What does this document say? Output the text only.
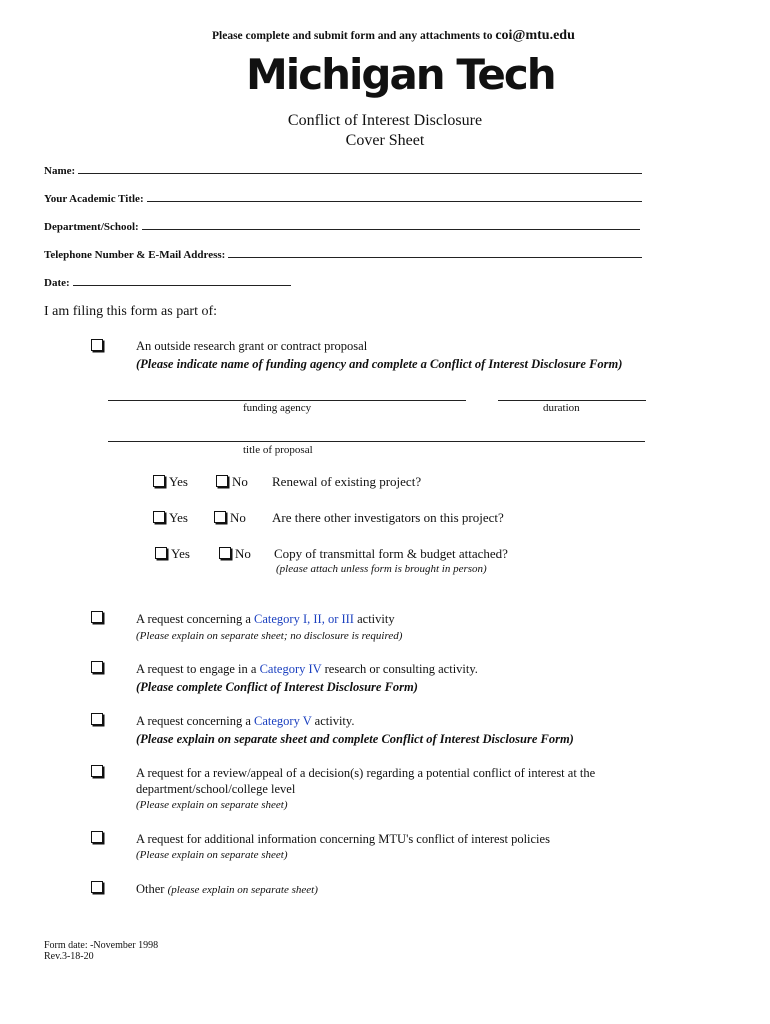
Please complete and submit form and any attachments to coi@mtu.edu
Michigan Tech
Conflict of Interest Disclosure
Cover Sheet
Name:
Your Academic Title:
Department/School:
Telephone Number & E-Mail Address:
Date:
I am filing this form as part of:
An outside research grant or contract proposal
(Please indicate name of funding agency and complete a Conflict of Interest Disclosure Form)
funding agency	duration
title of proposal
Yes	No Renewal of existing project?
Yes	No Are there other investigators on this project?
Yes	No Copy of transmittal form & budget attached?
(please attach unless form is brought in person)
A request concerning a Category I, II, or III activity
(Please explain on separate sheet; no disclosure is required)
A request to engage in a Category IV research or consulting activity.
(Please complete Conflict of Interest Disclosure Form)
A request concerning a Category V activity.
(Please explain on separate sheet and complete Conflict of Interest Disclosure Form)
A request for a review/appeal of a decision(s) regarding a potential conflict of interest at the
department/school/college level
(Please explain on separate sheet)
A request for additional information concerning MTU's conflict of interest policies
(Please explain on separate sheet)
Other (please explain on separate sheet)
Form date: -November 1998
Rev.3-18-20
